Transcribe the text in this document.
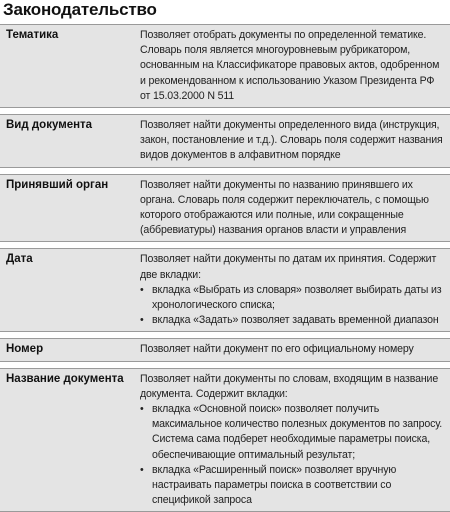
Законодательство
Тематика	Позволяет отобрать документы по определенной тематике. Словарь поля является многоуровневым рубрикатором, основанным на Классификаторе правовых актов, одобренном и рекомендованном к использованию Указом Президента РФ от 15.03.2000 N 511
Вид документа	Позволяет найти документы определенного вида (инструкция, закон, постановление и т.д.). Словарь поля содержит названия видов документов в алфавитном порядке
Принявший орган	Позволяет найти документы по названию принявшего их органа. Словарь поля содержит переключатель, с помощью которого отображаются или полные, или сокращенные (аббревиатуры) названия органов власти и управления
Дата	Позволяет найти документы по датам их принятия. Содержит две вкладки:
• вкладка «Выбрать из словаря» позволяет выбирать даты из хронологического списка;
• вкладка «Задать» позволяет задавать временной диапазон
Номер	Позволяет найти документ по его официальному номеру
Название документа	Позволяет найти документы по словам, входящим в название документа. Содержит вкладки:
• вкладка «Основной поиск» позволяет получить максимальное количество полезных документов по запросу. Система сама подберет необходимые параметры поиска, обеспечивающие оптимальный результат;
• вкладка «Расширенный поиск» позволяет вручную настраивать параметры поиска в соответствии со спецификой запроса
